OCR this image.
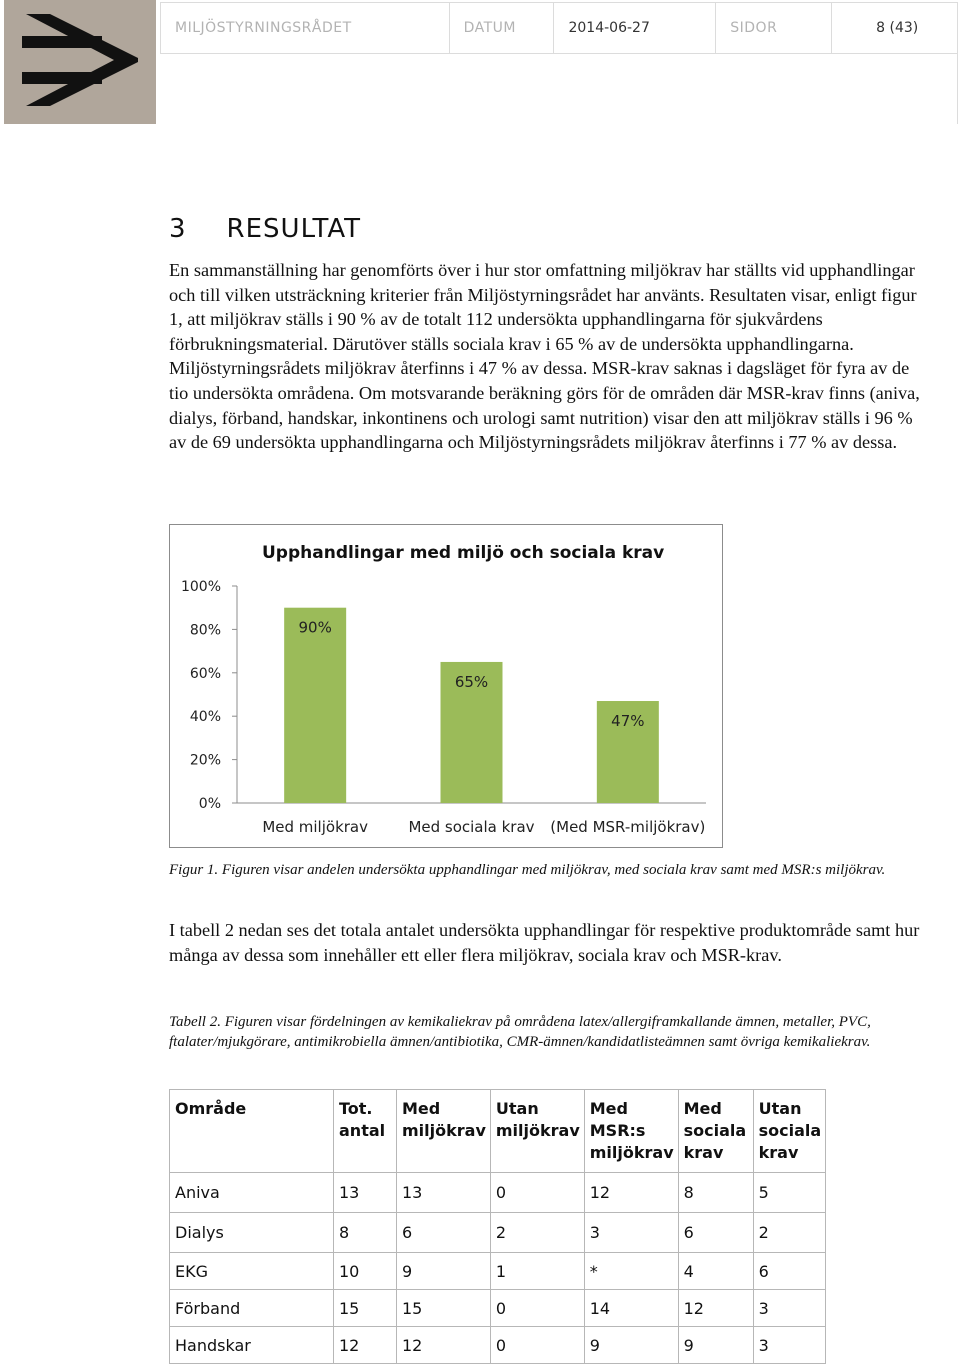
MILJÖSTYRNINGSRÅDET	DATUM	2014-06-27	SIDOR	8 (43)
3 RESULTAT
En sammanställning har genomförts över i hur stor omfattning miljökrav har ställts vid upphandlingar och till vilken utsträckning kriterier från Miljöstyrningsrådet har använts. Resultaten visar, enligt figur 1, att miljökrav ställs i 90 % av de totalt 112 undersökta upphandlingarna för sjukvårdens förbrukningsmaterial. Därutöver ställs sociala krav i 65 % av de undersökta upphandlingarna. Miljöstyrningsrådets miljökrav återfinns i 47 % av dessa. MSR-krav saknas i dagsläget för fyra av de tio undersökta områdena. Om motsvarande beräkning görs för de områden där MSR-krav finns (aniva, dialys, förband, handskar, inkontinens och urologi samt nutrition) visar den att miljökrav ställs i 96 % av de 69 undersökta upphandlingarna och Miljöstyrningsrådets miljökrav återfinns i 77 % av dessa.
Upphandlingar med miljö och sociala krav
0%
20%
40%
60%
80%
100%
90%
Med miljökrav
65%
Med sociala krav
47%
(Med MSR-miljökrav)
Figur 1. Figuren visar andelen undersökta upphandlingar med miljökrav, med sociala krav samt med MSR:s miljökrav.
I tabell 2 nedan ses det totala antalet undersökta upphandlingar för respektive produktområde samt hur många av dessa som innehåller ett eller flera miljökrav, sociala krav och MSR-krav.
Tabell 2. Figuren visar fördelningen av kemikaliekrav på områdena latex/allergiframkallande ämnen, metaller, PVC, ftalater/mjukgörare, antimikrobiella ämnen/antibiotika, CMR-ämnen/kandidatlisteämnen samt övriga kemikaliekrav.
Område	Tot. antal	Med miljökrav	Utan miljökrav	Med MSR:s miljökrav	Med sociala krav	Utan sociala krav
Aniva	13	13	0	12	8	5
Dialys	8	6	2	3	6	2
EKG	10	9	1	*	4	6
Förband	15	15	0	14	12	3
Handskar	12	12	0	9	9	3
